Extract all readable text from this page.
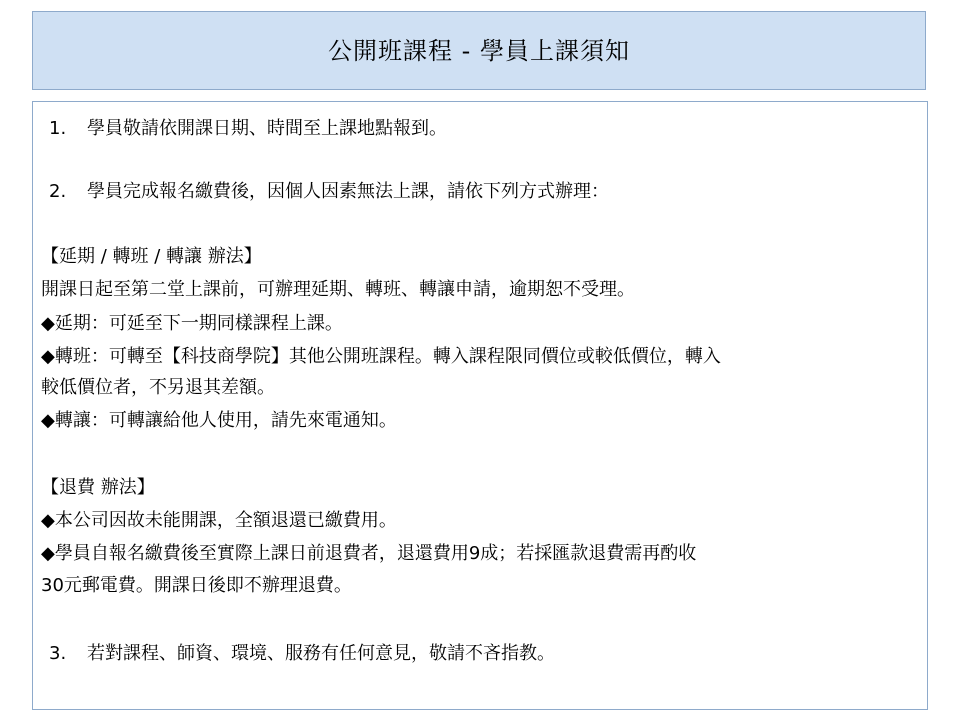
公開班課程 - 學員上課須知
1. 學員敬請依開課日期、時間至上課地點報到。
2. 學員完成報名繳費後，因個人因素無法上課，請依下列方式辦理：
【延期 / 轉班 / 轉讓 辦法】
開課日起至第二堂上課前，可辦理延期、轉班、轉讓申請，逾期恕不受理。
◆延期：可延至下一期同樣課程上課。
◆轉班：可轉至【科技商學院】其他公開班課程。轉入課程限同價位或較低價位，轉入
較低價位者，不另退其差額。
◆轉讓：可轉讓給他人使用，請先來電通知。
【退費 辦法】
◆本公司因故未能開課，全額退還已繳費用。
◆學員自報名繳費後至實際上課日前退費者，退還費用9成；若採匯款退費需再酌收
30元郵電費。開課日後即不辦理退費。
3. 若對課程、師資、環境、服務有任何意見，敬請不吝指教。
